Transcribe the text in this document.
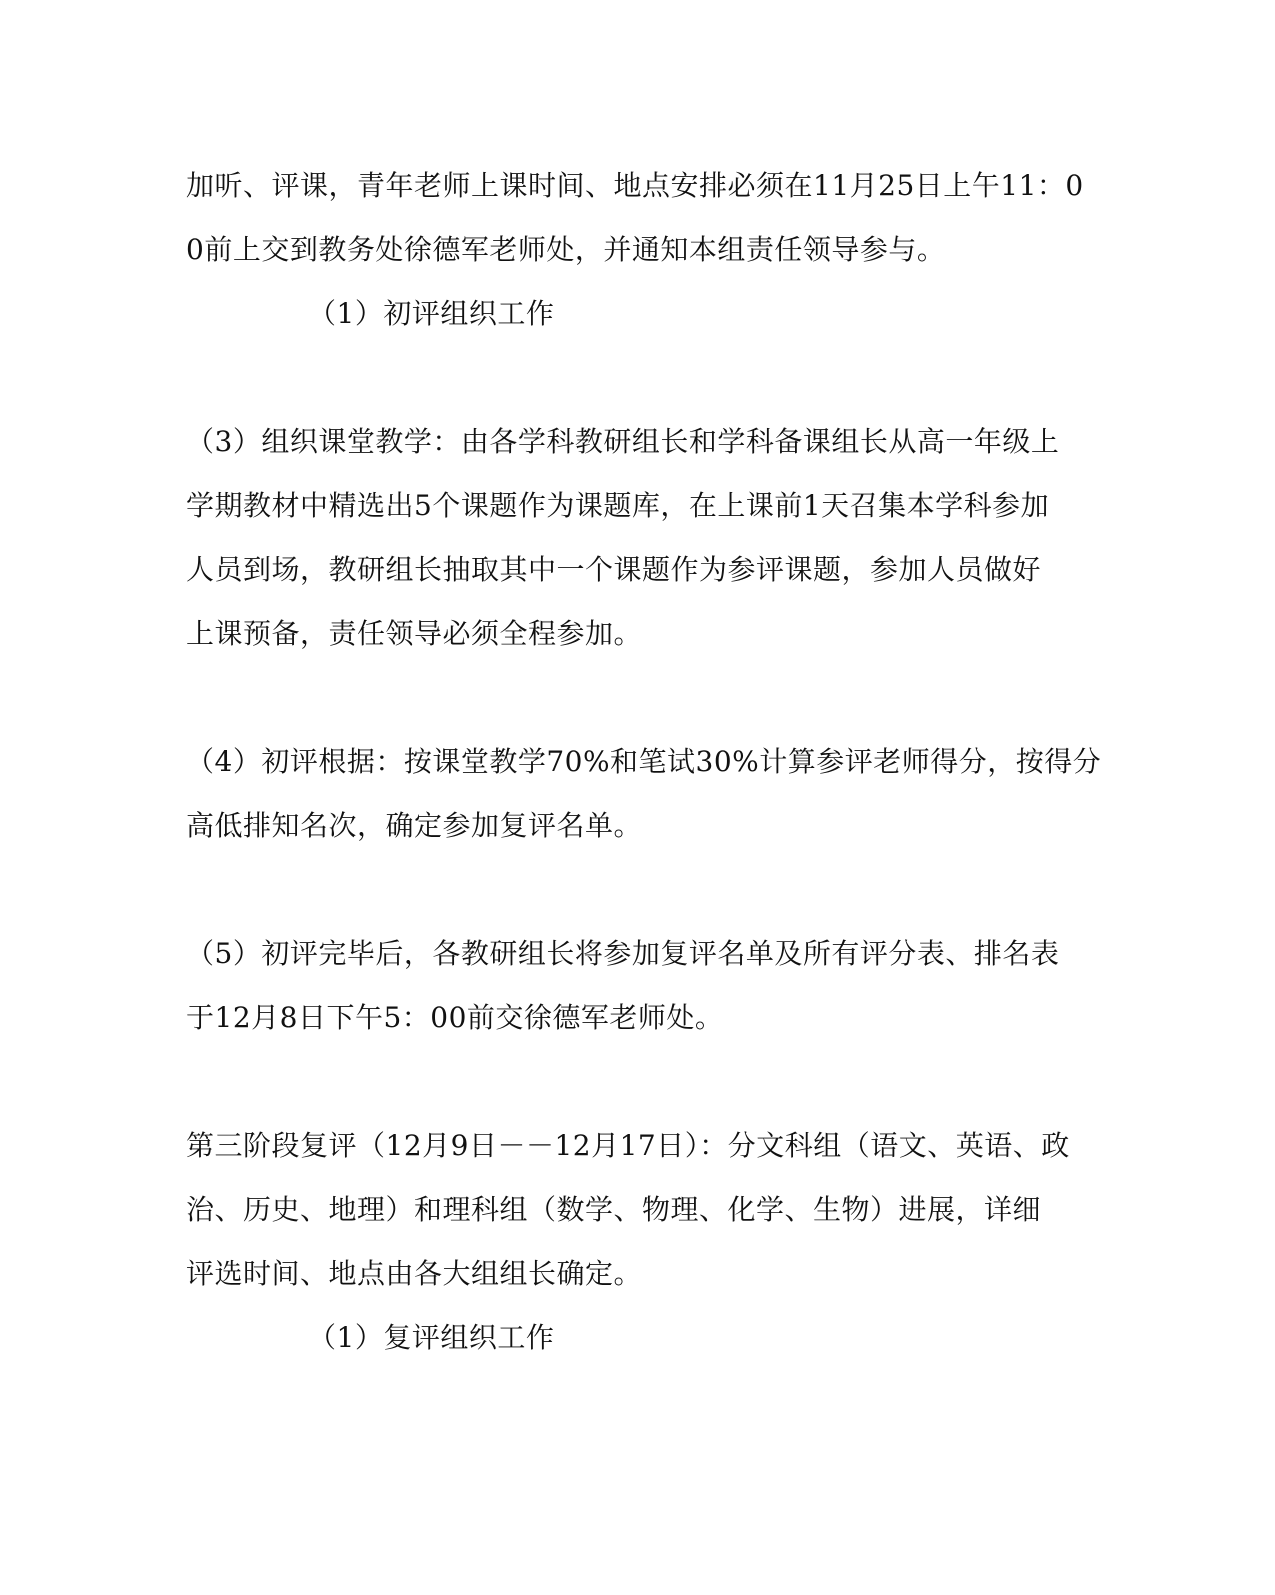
加听、评课，青年老师上课时间、地点安排必须在11月25日上午11：0
0前上交到教务处徐德军老师处，并通知本组责任领导参与。
（1）初评组织工作
（3）组织课堂教学：由各学科教研组长和学科备课组长从高一年级上
学期教材中精选出5个课题作为课题库，在上课前1天召集本学科参加
人员到场，教研组长抽取其中一个课题作为参评课题，参加人员做好
上课预备，责任领导必须全程参加。
（4）初评根据：按课堂教学70%和笔试30%计算参评老师得分，按得分
高低排知名次，确定参加复评名单。
（5）初评完毕后，各教研组长将参加复评名单及所有评分表、排名表
于12月8日下午5：00前交徐德军老师处。
第三阶段复评（12月9日－－12月17日）：分文科组（语文、英语、政
治、历史、地理）和理科组（数学、物理、化学、生物）进展，详细
评选时间、地点由各大组组长确定。
（1）复评组织工作
